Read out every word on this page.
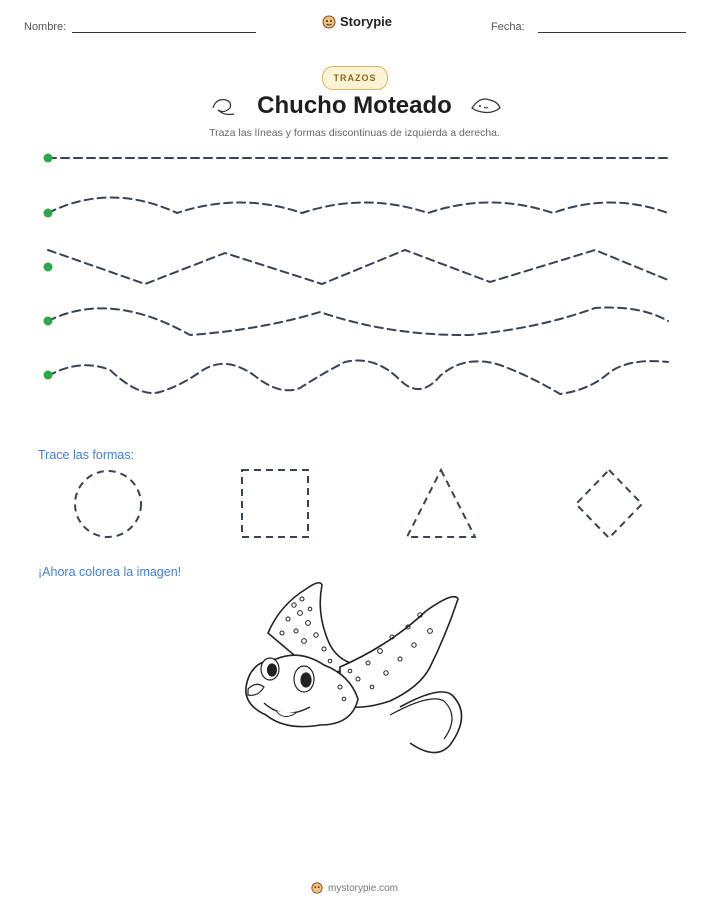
Nombre:	Storypie	Fecha:
TRAZOS
Chucho Moteado
Traza las líneas y formas discontinuas de izquierda a derecha.
Trace las formas:
¡Ahora colorea la imagen!
mystorypie.com
